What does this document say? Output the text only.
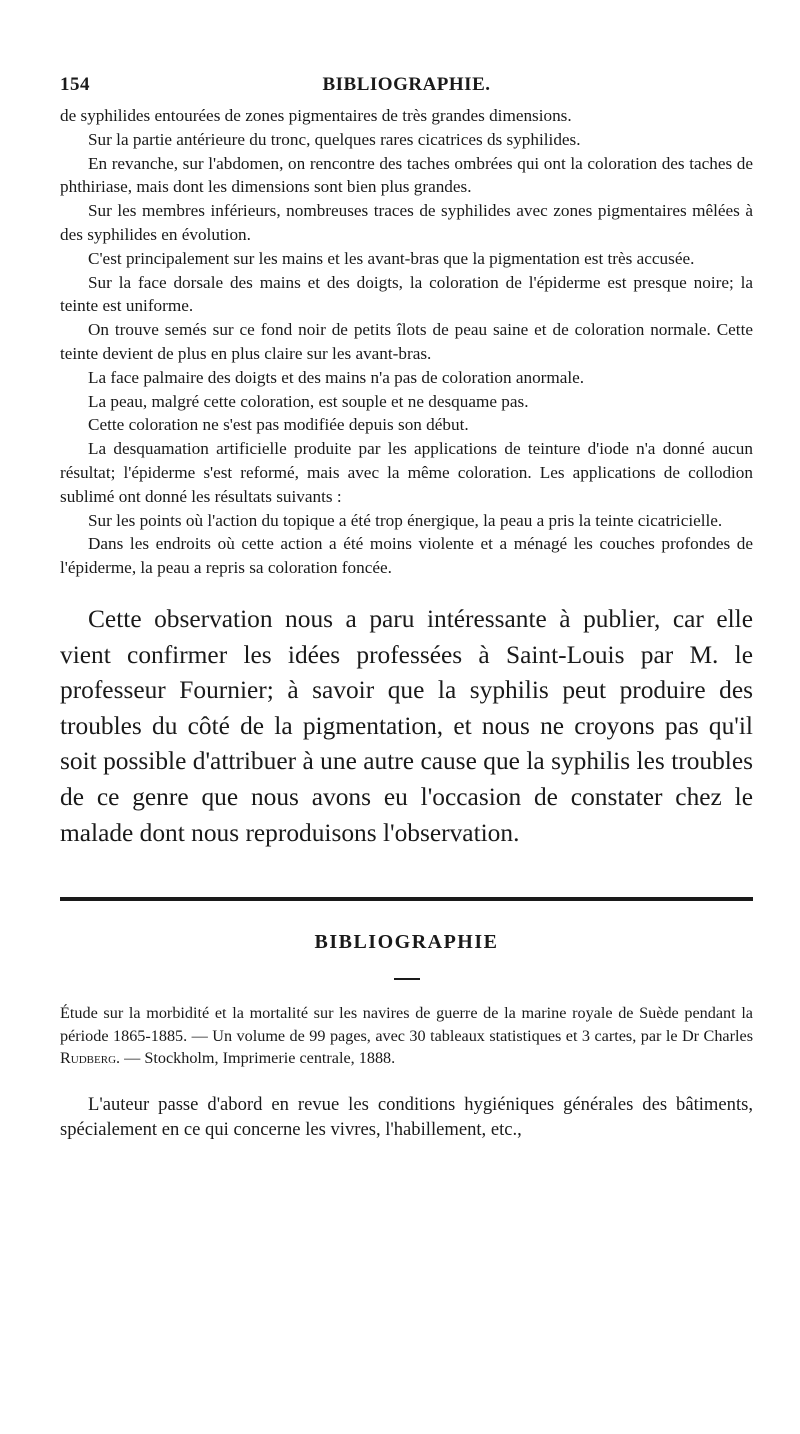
154	BIBLIOGRAPHIE.

de syphilides entourées de zones pigmentaires de très grandes dimensions.

Sur la partie antérieure du tronc, quelques rares cicatrices ds syphilides.

En revanche, sur l'abdomen, on rencontre des taches ombrées qui ont la coloration des taches de phthiriase, mais dont les dimensions sont bien plus grandes.

Sur les membres inférieurs, nombreuses traces de syphilides avec zones pigmentaires mêlées à des syphilides en évolution.

C'est principalement sur les mains et les avant-bras que la pigmentation est très accusée.

Sur la face dorsale des mains et des doigts, la coloration de l'épiderme est presque noire; la teinte est uniforme.

On trouve semés sur ce fond noir de petits îlots de peau saine et de coloration normale. Cette teinte devient de plus en plus claire sur les avant-bras.

La face palmaire des doigts et des mains n'a pas de coloration anormale.

La peau, malgré cette coloration, est souple et ne desquame pas.

Cette coloration ne s'est pas modifiée depuis son début.

La desquamation artificielle produite par les applications de teinture d'iode n'a donné aucun résultat; l'épiderme s'est reformé, mais avec la même coloration. Les applications de collodion sublimé ont donné les résultats suivants :

Sur les points où l'action du topique a été trop énergique, la peau a pris la teinte cicatricielle.

Dans les endroits où cette action a été moins violente et a ménagé les couches profondes de l'épiderme, la peau a repris sa coloration foncée.

Cette observation nous a paru intéressante à publier, car elle vient confirmer les idées professées à Saint-Louis par M. le professeur Fournier; à savoir que la syphilis peut produire des troubles du côté de la pigmentation, et nous ne croyons pas qu'il soit possible d'attribuer à une autre cause que la syphilis les troubles de ce genre que nous avons eu l'occasion de constater chez le malade dont nous reproduisons l'observation.

BIBLIOGRAPHIE

Étude sur la morbidité et la mortalité sur les navires de guerre de la marine royale de Suède pendant la période 1865-1885. — Un volume de 99 pages, avec 30 tableaux statistiques et 3 cartes, par le Dr Charles Rudberg. — Stockholm, Imprimerie centrale, 1888.

L'auteur passe d'abord en revue les conditions hygiéniques générales des bâtiments, spécialement en ce qui concerne les vivres, l'habillement, etc.,
